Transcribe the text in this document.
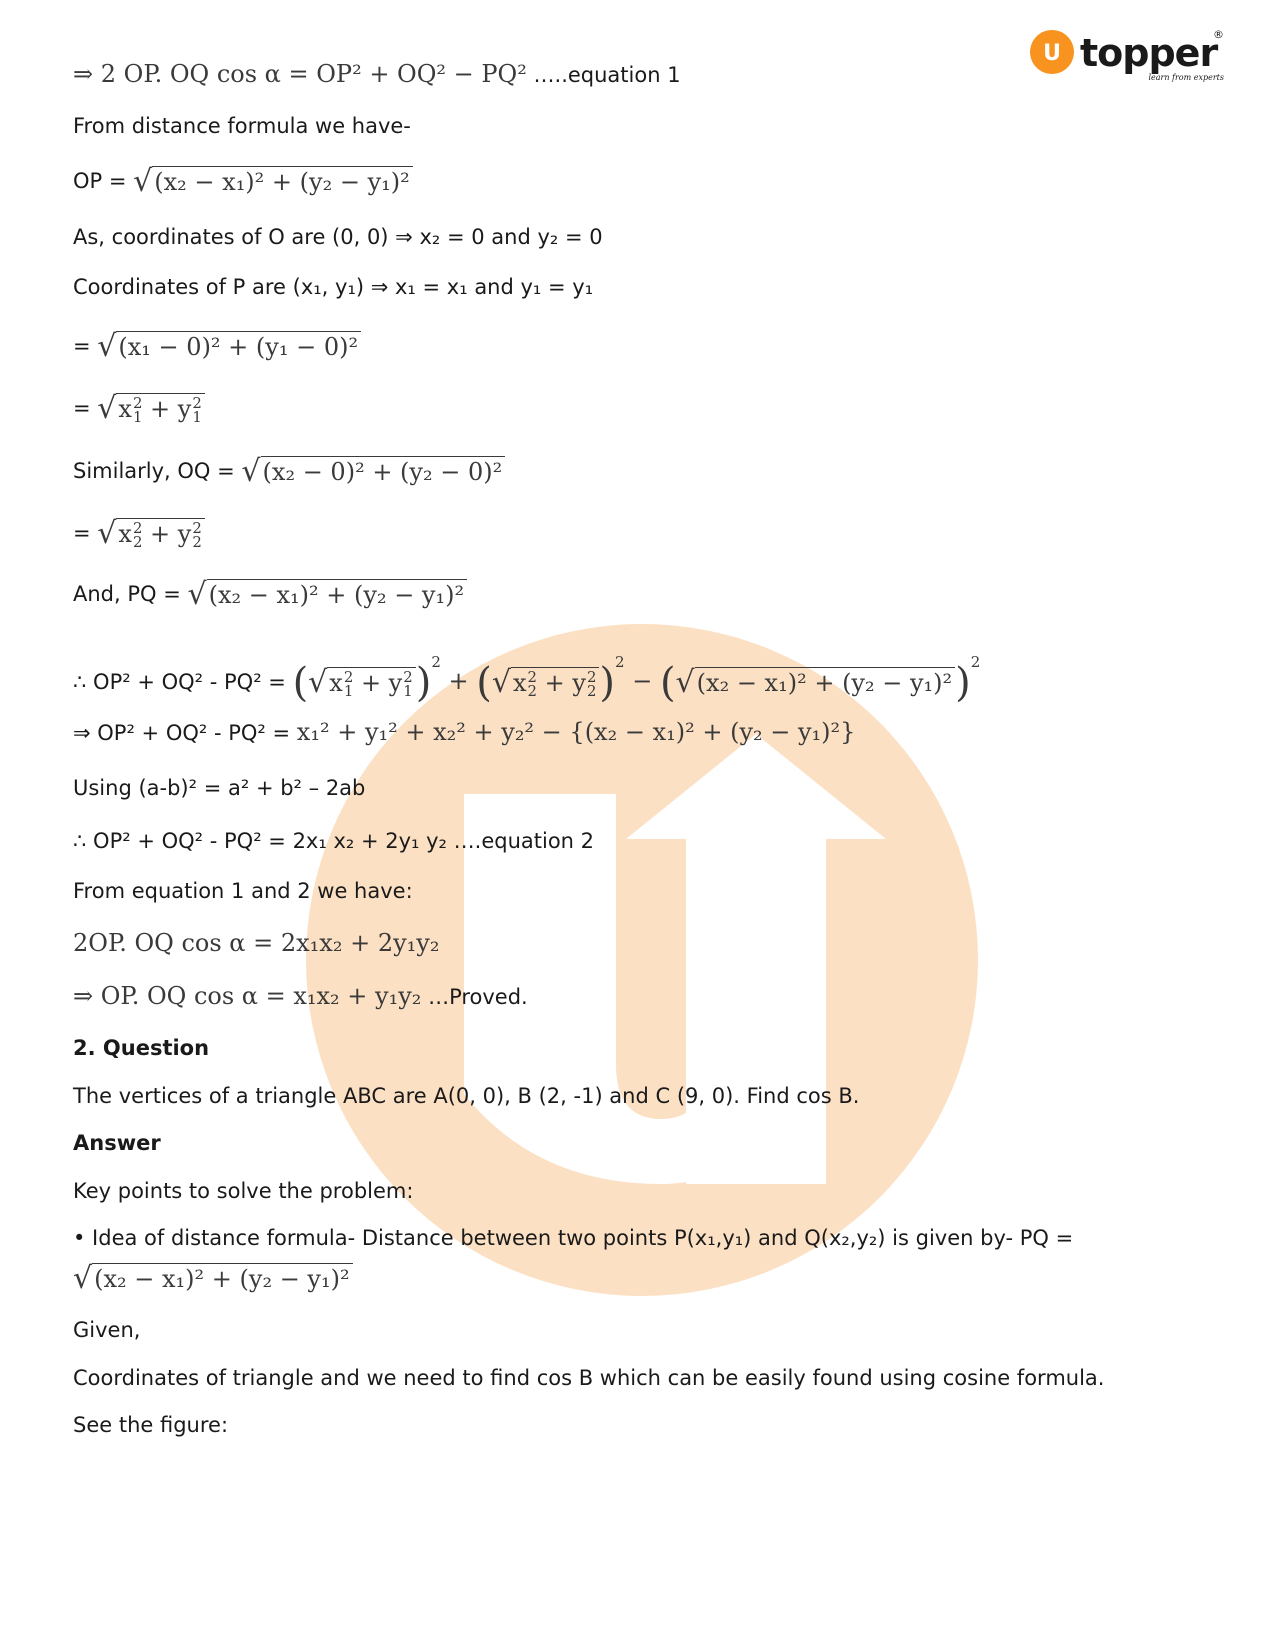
U topper
®
learn from experts
⇒ 2 OP. OQ cos α = OP² + OQ² − PQ² …..equation 1
From distance formula we have-
OP = √ (x₂ − x₁)² + (y₂ − y₁)²
As, coordinates of O are (0, 0) ⇒ x₂ = 0 and y₂ = 0
Coordinates of P are (x₁, y₁) ⇒ x₁ = x₁ and y₁ = y₁
= √ (x₁ − 0)² + (y₁ − 0)²
= √ x 2
1 + y 2
1
Similarly, OQ = √ (x₂ − 0)² + (y₂ − 0)²
= √ x 2
2 + y 2
2
And, PQ = √ (x₂ − x₁)² + (y₂ − y₁)²
∴ OP² + OQ² - PQ² = ( √ x 2
1 + y 2
1 )$^2$ + ( √ x 2
2 + y 2
2 )$^2$ − ( √ (x₂ − x₁)² + (y₂ − y₁)² )$^2$
⇒ OP² + OQ² - PQ² = x₁² + y₁² + x₂² + y₂² − {(x₂ − x₁)² + (y₂ − y₁)²}
Using (a-b)² = a² + b² – 2ab
∴ OP² + OQ² - PQ² = 2x₁ x₂ + 2y₁ y₂ ….equation 2
From equation 1 and 2 we have:
2OP. OQ cos α = 2x₁x₂ + 2y₁y₂
⇒ OP. OQ cos α = x₁x₂ + y₁y₂ …Proved.
2. Question
The vertices of a triangle ABC are A(0, 0), B (2, -1) and C (9, 0). Find cos B.
Answer
Key points to solve the problem:
• Idea of distance formula- Distance between two points P(x₁,y₁) and Q(x₂,y₂) is given by- PQ =
√ (x₂ − x₁)² + (y₂ − y₁)²
Given,
Coordinates of triangle and we need to find cos B which can be easily found using cosine formula.
See the figure:
